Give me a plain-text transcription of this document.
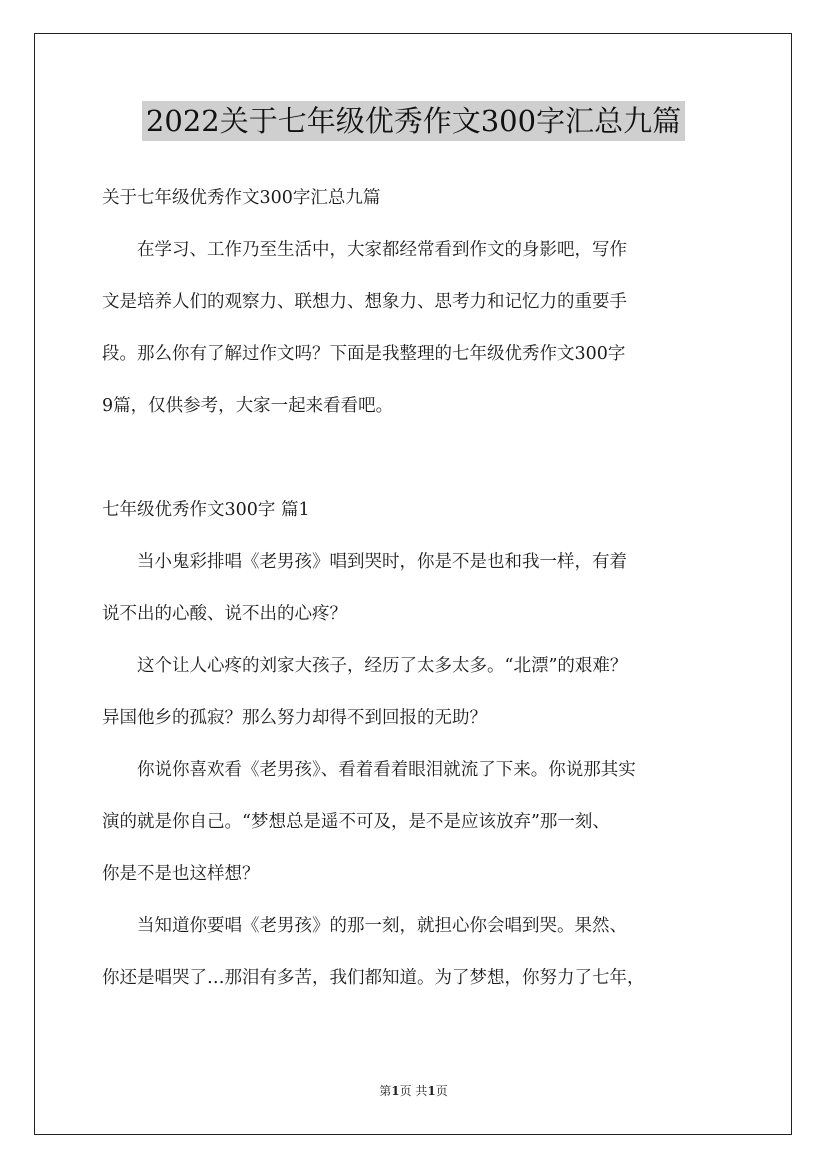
2022关于七年级优秀作文300字汇总九篇

关于七年级优秀作文300字汇总九篇

在学习、工作乃至生活中，大家都经常看到作文的身影吧，写作

文是培养人们的观察力、联想力、想象力、思考力和记忆力的重要手

段。那么你有了解过作文吗？下面是我整理的七年级优秀作文300字

9篇，仅供参考，大家一起来看看吧。

七年级优秀作文300字 篇1

当小鬼彩排唱《老男孩》唱到哭时，你是不是也和我一样，有着

说不出的心酸、说不出的心疼？

这个让人心疼的刘家大孩子，经历了太多太多。“北漂”的艰难？

异国他乡的孤寂？那么努力却得不到回报的无助？

你说你喜欢看《老男孩》、看着看着眼泪就流了下来。你说那其实

演的就是你自己。“梦想总是遥不可及，是不是应该放弃”那一刻、

你是不是也这样想？

当知道你要唱《老男孩》的那一刻，就担心你会唱到哭。果然、

你还是唱哭了…那泪有多苦，我们都知道。为了梦想，你努力了七年，

第1页 共1页
